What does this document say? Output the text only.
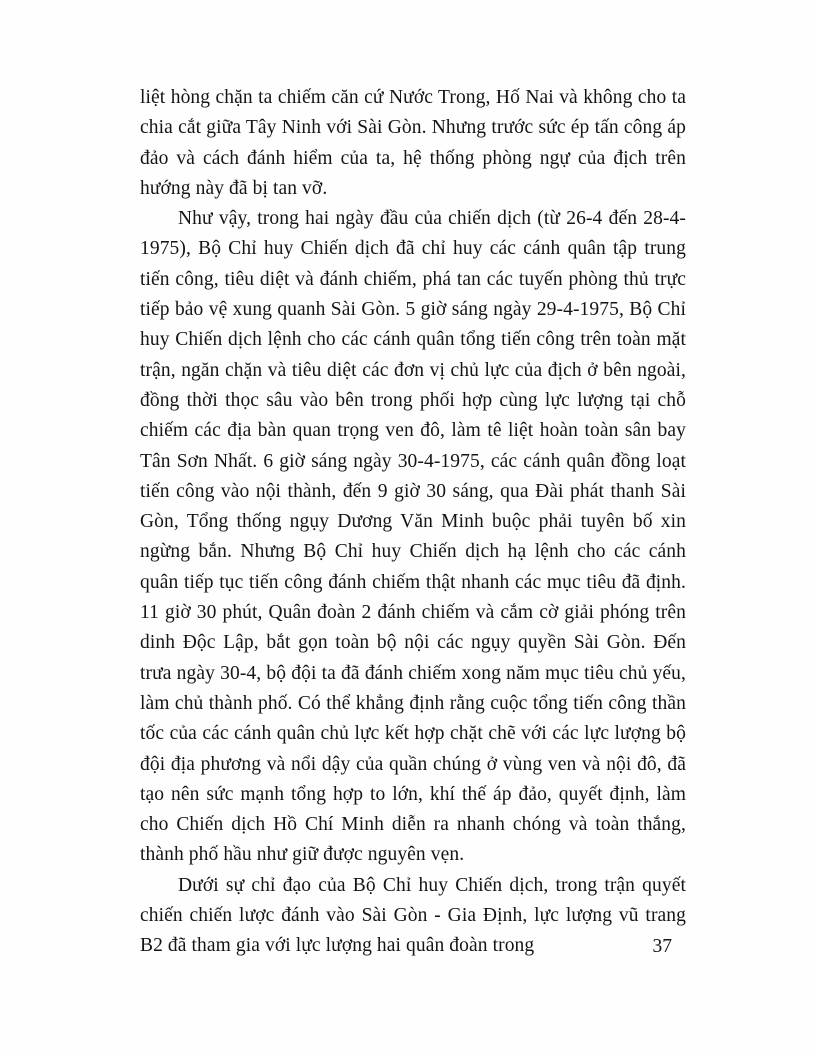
liệt hòng chặn ta chiếm căn cứ Nước Trong, Hố Nai và không cho ta chia cắt giữa Tây Ninh với Sài Gòn. Nhưng trước sức ép tấn công áp đảo và cách đánh hiểm của ta, hệ thống phòng ngự của địch trên hướng này đã bị tan vỡ.

Như vậy, trong hai ngày đầu của chiến dịch (từ 26-4 đến 28-4-1975), Bộ Chỉ huy Chiến dịch đã chỉ huy các cánh quân tập trung tiến công, tiêu diệt và đánh chiếm, phá tan các tuyến phòng thủ trực tiếp bảo vệ xung quanh Sài Gòn. 5 giờ sáng ngày 29-4-1975, Bộ Chỉ huy Chiến dịch lệnh cho các cánh quân tổng tiến công trên toàn mặt trận, ngăn chặn và tiêu diệt các đơn vị chủ lực của địch ở bên ngoài, đồng thời thọc sâu vào bên trong phối hợp cùng lực lượng tại chỗ chiếm các địa bàn quan trọng ven đô, làm tê liệt hoàn toàn sân bay Tân Sơn Nhất. 6 giờ sáng ngày 30-4-1975, các cánh quân đồng loạt tiến công vào nội thành, đến 9 giờ 30 sáng, qua Đài phát thanh Sài Gòn, Tổng thống ngụy Dương Văn Minh buộc phải tuyên bố xin ngừng bắn. Nhưng Bộ Chỉ huy Chiến dịch hạ lệnh cho các cánh quân tiếp tục tiến công đánh chiếm thật nhanh các mục tiêu đã định. 11 giờ 30 phút, Quân đoàn 2 đánh chiếm và cắm cờ giải phóng trên dinh Độc Lập, bắt gọn toàn bộ nội các ngụy quyền Sài Gòn. Đến trưa ngày 30-4, bộ đội ta đã đánh chiếm xong năm mục tiêu chủ yếu, làm chủ thành phố. Có thể khẳng định rằng cuộc tổng tiến công thần tốc của các cánh quân chủ lực kết hợp chặt chẽ với các lực lượng bộ đội địa phương và nổi dậy của quần chúng ở vùng ven và nội đô, đã tạo nên sức mạnh tổng hợp to lớn, khí thế áp đảo, quyết định, làm cho Chiến dịch Hồ Chí Minh diễn ra nhanh chóng và toàn thắng, thành phố hầu như giữ được nguyên vẹn.

Dưới sự chỉ đạo của Bộ Chỉ huy Chiến dịch, trong trận quyết chiến chiến lược đánh vào Sài Gòn - Gia Định, lực lượng vũ trang B2 đã tham gia với lực lượng hai quân đoàn trong	37
